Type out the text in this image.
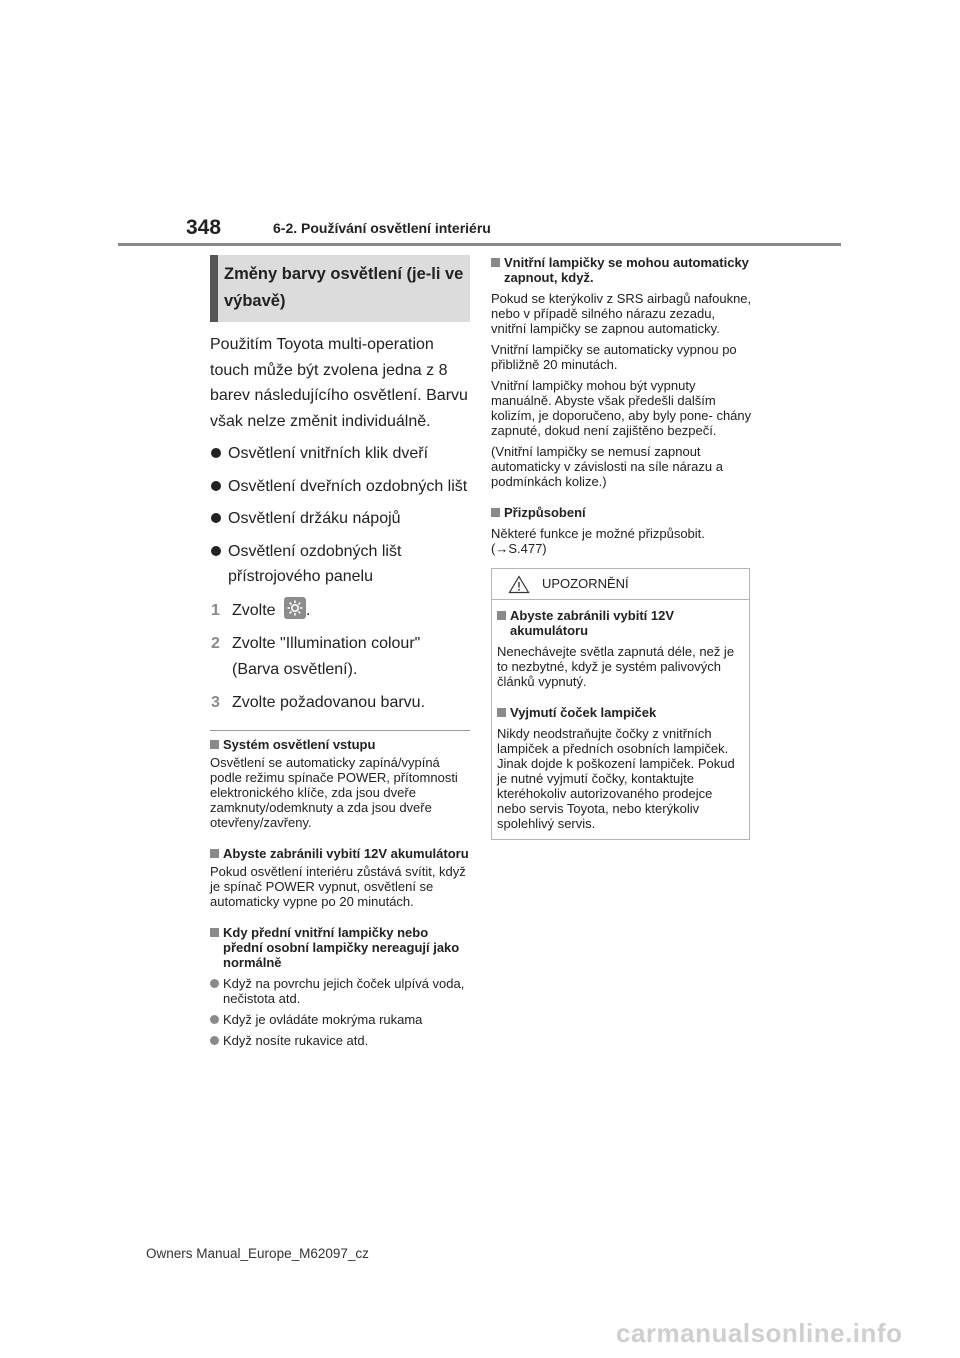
348	6-2. Používání osvětlení interiéru
Změny barvy osvětlení (je-li ve výbavě)

Použitím Toyota multi-operation touch může být zvolena jedna z 8 barev následujícího osvětlení. Barvu však nelze změnit individuálně.

Osvětlení vnitřních klik dveří
Osvětlení dveřních ozdobných lišt
Osvětlení držáku nápojů
Osvětlení ozdobných lišt přístrojového panelu
1 Zvolte .
2 Zvolte "Illumination colour" (Barva osvětlení).
3 Zvolte požadovanou barvu.
Systém osvětlení vstupu
Osvětlení se automaticky zapíná/vypíná podle režimu spínače POWER, přítomnosti elektronického klíče, zda jsou dveře zamknuty/odemknuty a zda jsou dveře otevřeny/zavřeny.
Abyste zabránili vybití 12V akumulátoru
Pokud osvětlení interiéru zůstává svítit, když je spínač POWER vypnut, osvětlení se automaticky vypne po 20 minutách.
Kdy přední vnitřní lampičky nebo přední osobní lampičky nereagují jako normálně
Když na povrchu jejich čoček ulpívá voda, nečistota atd.
Když je ovládáte mokrýma rukama
Když nosíte rukavice atd.
Vnitřní lampičky se mohou automaticky zapnout, když.
Pokud se kterýkoliv z SRS airbagů nafoukne, nebo v případě silného nárazu zezadu, vnitřní lampičky se zapnou automaticky.
Vnitřní lampičky se automaticky vypnou po přibližně 20 minutách.
Vnitřní lampičky mohou být vypnuty manuálně. Abyste však předešli dalším kolizím, je doporučeno, aby byly pone- chány zapnuté, dokud není zajištěno bezpečí.
(Vnitřní lampičky se nemusí zapnout automaticky v závislosti na síle nárazu a podmínkách kolize.)
Přizpůsobení
Některé funkce je možné přizpůsobit. (→S.477)
UPOZORNĚNÍ
Abyste zabránili vybití 12V akumulátoru
Nenechávejte světla zapnutá déle, než je to nezbytné, když je systém palivových článků vypnutý.
Vyjmutí čoček lampiček
Nikdy neodstraňujte čočky z vnitřních lampiček a předních osobních lampiček. Jinak dojde k poškození lampiček. Pokud je nutné vyjmutí čočky, kontaktujte kteréhokoliv autorizovaného prodejce nebo servis Toyota, nebo kterýkoliv spolehlivý servis.
Owners Manual_Europe_M62097_cz
carmanualsonline.info
